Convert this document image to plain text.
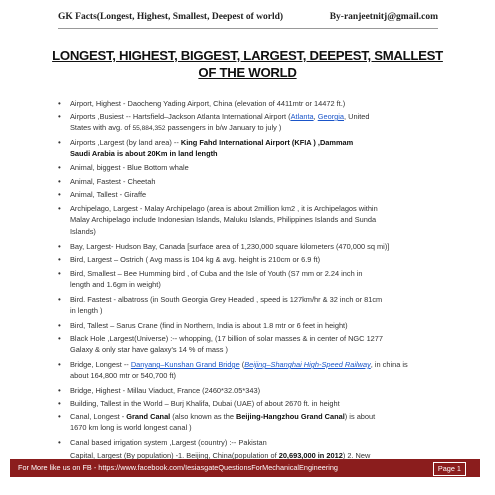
GK Facts(Longest, Highest, Smallest, Deepest of world)	By-ranjeetnitj@gmail.com
LONGEST, HIGHEST, BIGGEST, LARGEST, DEEPEST, SMALLEST
OF THE WORLD
• Airport, Highest - Daocheng Yading Airport, China (elevation of 4411mtr or 14472 ft.)
• Airports ,Busiest -- Hartsfield–Jackson Atlanta International Airport (Atlanta, Georgia, United
States with avg. of 55,884,352 passengers in b/w January to july )
• Airports ,Largest (by land area) -- King Fahd International Airport (KFIA ) ,Dammam
Saudi Arabia is about 20Km in land length
• Animal, biggest - Blue Bottom whale
• Animal, Fastest - Cheetah
• Animal, Tallest - Giraffe
• Archipelago, Largest - Malay Archipelago (area is about 2million km2 , it is Archipelagos within
Malay Archipelago include Indonesian Islands, Maluku Islands, Philippines Islands and Sunda
Islands)
• Bay, Largest- Hudson Bay, Canada [surface area of 1,230,000 square kilometers (470,000 sq mi)]
• Bird, Largest – Ostrich ( Avg mass is 104 kg & avg. height is 210cm or 6.9 ft)
• Bird, Smallest – Bee Humming bird , of Cuba and the Isle of Youth (S7 mm or 2.24 inch in
length and 1.6gm in weight)
• Bird. Fastest - albatross (in South Georgia Grey Headed , speed is 127km/hr & 32 inch or 81cm
in length )
• Bird, Tallest – Sarus Crane (find in Northern, India is about 1.8 mtr or 6 feet in height)
• Black Hole ,Largest(Universe) :-- whopping, (17 billion of solar masses & in center of NGC 1277
Galaxy & only star have galaxy's 14 % of mass )
• Bridge, Longest -- Danyang–Kunshan Grand Bridge (Beijing–Shanghai High-Speed Railway, in china is
about 164,800 mtr or 540,700 ft)
• Bridge, Highest - Millau Viaduct, France (2460*32.05*343)
• Building, Tallest in the World – Burj Khalifa, Dubai (UAE) of about 2670 ft. in height
• Canal, Longest - Grand Canal (also known as the Beijing-Hangzhou Grand Canal) is about
1670 km long is world longest canal )
• Canal based irrigation system ,Largest (country) :-- Pakistan
• Capital, Largest (By population) -1. Beijing, China(population of 20,693,000 in 2012) 2. New

For More like us on FB - https://www.facebook.com/IesiasgateQuestionsForMechanicalEngineering	Page 1
